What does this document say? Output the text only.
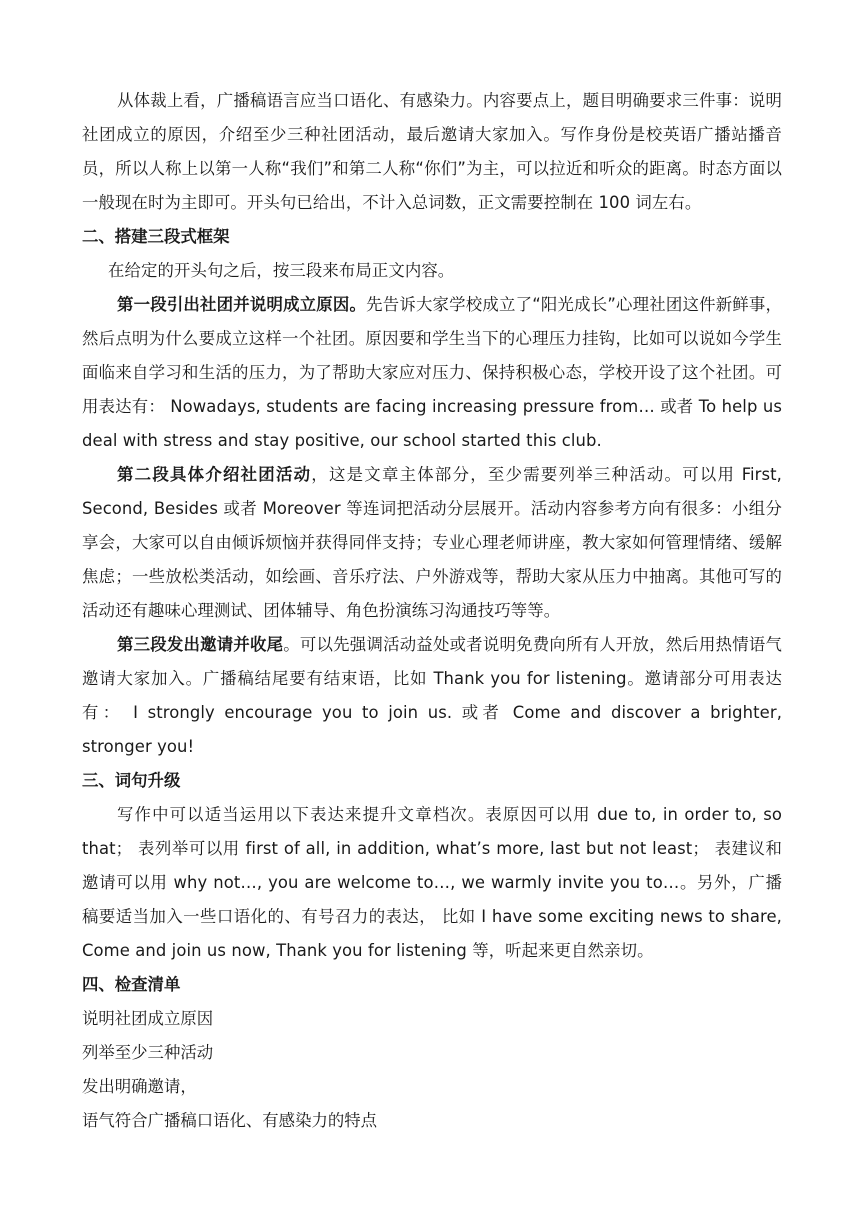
从体裁上看，广播稿语言应当口语化、有感染力。内容要点上，题目明确要求三件事：说明社团成立的原因，介绍至少三种社团活动，最后邀请大家加入。写作身份是校英语广播站播音员，所以人称上以第一人称“我们”和第二人称“你们”为主，可以拉近和听众的距离。时态方面以一般现在时为主即可。开头句已给出，不计入总词数，正文需要控制在 100 词左右。

二、搭建三段式框架

在给定的开头句之后，按三段来布局正文内容。

第一段引出社团并说明成立原因。先告诉大家学校成立了“阳光成长”心理社团这件新鲜事，然后点明为什么要成立这样一个社团。原因要和学生当下的心理压力挂钩，比如可以说如今学生面临来自学习和生活的压力，为了帮助大家应对压力、保持积极心态，学校开设了这个社团。可用表达有： Nowadays, students are facing increasing pressure from… 或者 To help us deal with stress and stay positive, our school started this club.

第二段具体介绍社团活动，这是文章主体部分，至少需要列举三种活动。可以用 First, Second, Besides 或者 Moreover 等连词把活动分层展开。活动内容参考方向有很多：小组分享会，大家可以自由倾诉烦恼并获得同伴支持；专业心理老师讲座，教大家如何管理情绪、缓解焦虑；一些放松类活动，如绘画、音乐疗法、户外游戏等，帮助大家从压力中抽离。其他可写的活动还有趣味心理测试、团体辅导、角色扮演练习沟通技巧等等。

第三段发出邀请并收尾。可以先强调活动益处或者说明免费向所有人开放，然后用热情语气邀请大家加入。广播稿结尾要有结束语，比如 Thank you for listening。邀请部分可用表达有： I strongly encourage you to join us. 或者 Come and discover a brighter, stronger you!

三、词句升级

写作中可以适当运用以下表达来提升文章档次。表原因可以用 due to, in order to, so that； 表列举可以用 first of all, in addition, what’s more, last but not least； 表建议和邀请可以用 why not…, you are welcome to…, we warmly invite you to…。另外，广播稿要适当加入一些口语化的、有号召力的表达， 比如 I have some exciting news to share, Come and join us now, Thank you for listening 等，听起来更自然亲切。

四、检查清单

说明社团成立原因

列举至少三种活动

发出明确邀请，

语气符合广播稿口语化、有感染力的特点
